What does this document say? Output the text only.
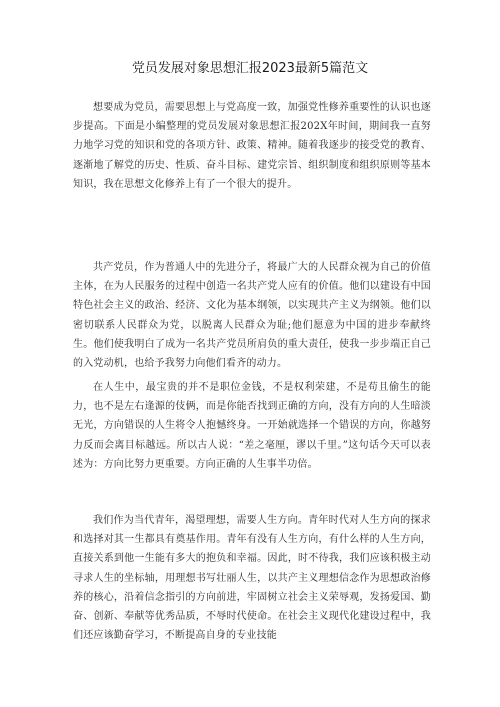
党员发展对象思想汇报2023最新5篇范文

想要成为党员，需要思想上与党高度一致，加强党性修养重要性的认识也逐步提高。下面是小编整理的党员发展对象思想汇报202X年时间，期间我一直努力地学习党的知识和党的各项方针、政策、精神。随着我逐步的接受党的教育、逐渐地了解党的历史、性质、奋斗目标、建党宗旨、组织制度和组织原则等基本知识，我在思想文化修养上有了一个很大的提升。

共产党员，作为普通人中的先进分子，将最广大的人民群众视为自己的价值主体，在为人民服务的过程中创造一名共产党人应有的价值。他们以建设有中国特色社会主义的政治、经济、文化为基本纲领，以实现共产主义为纲领。他们以密切联系人民群众为党，以脱离人民群众为耻;他们愿意为中国的进步奉献终生。他们使我明白了成为一名共产党员所肩负的重大责任，使我一步步端正自己的入党动机，也给予我努力向他们看齐的动力。

在人生中，最宝贵的并不是职位金钱，不是权利荣建，不是苟且偷生的能力，也不是左右逢源的伎俩，而是你能否找到正确的方向，没有方向的人生暗淡无光，方向错误的人生将令人抱憾终身。一开始就选择一个错误的方向，你越努力反而会离目标越远。所以古人说：“差之毫厘，谬以千里。”这句话今天可以表述为：方向比努力更重要。方向正确的人生事半功倍。

我们作为当代青年，渴望理想，需要人生方向。青年时代对人生方向的探求和选择对其一生都具有奠基作用。青年有没有人生方向，有什么样的人生方向，直接关系到他一生能有多大的抱负和幸福。因此，时不待我，我们应该积极主动寻求人生的坐标轴，用理想书写壮丽人生，以共产主义理想信念作为思想政治修养的核心，沿着信念指引的方向前进，牢固树立社会主义荣辱观，发扬爱国、勤奋、创新、奉献等优秀品质，不辱时代使命。在社会主义现代化建设过程中，我们还应该勤奋学习，不断提高自身的专业技能
